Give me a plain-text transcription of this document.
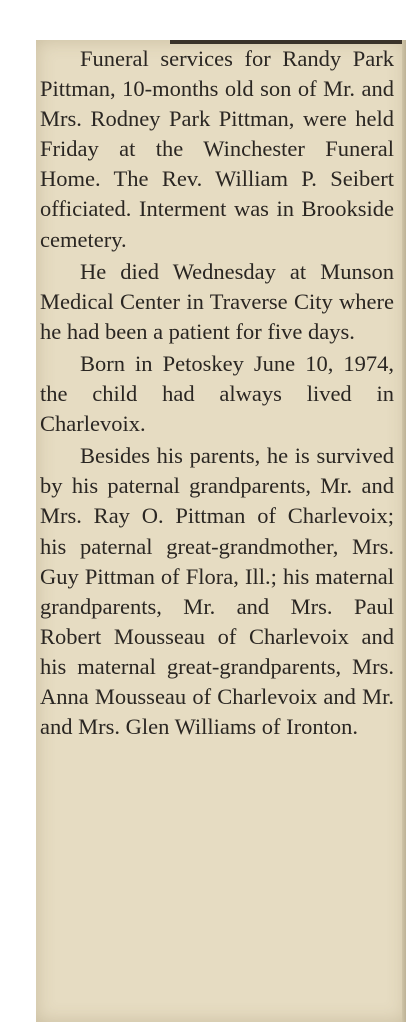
Funeral services for Randy Park Pittman, 10-months old son of Mr. and Mrs. Rodney Park Pittman, were held Friday at the Winchester Funeral Home. The Rev. William P. Seibert officiated. Interment was in Brookside cemetery.

He died Wednesday at Munson Medical Center in Traverse City where he had been a patient for five days.

Born in Petoskey June 10, 1974, the child had always lived in Charlevoix.

Besides his parents, he is survived by his paternal grandparents, Mr. and Mrs. Ray O. Pittman of Charlevoix; his paternal great-grandmother, Mrs. Guy Pittman of Flora, Ill.; his maternal grandparents, Mr. and Mrs. Paul Robert Mousseau of Charlevoix and his maternal great-grandparents, Mrs. Anna Mousseau of Charlevoix and Mr. and Mrs. Glen Williams of Ironton.
